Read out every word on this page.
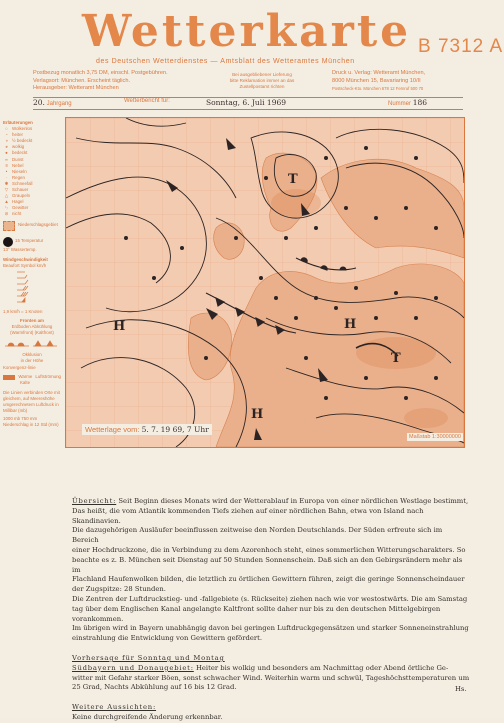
Wetterkarte B 7312 A
des Deutschen Wetterdienstes — Amtsblatt des Wetteramtes München
Postbezug monatlich 3,75 DM, einschl. Postgebühren.
Verlagsort: München. Erscheint täglich.
Herausgeber: Wetteramt München
Bei ausgebliebener Lieferung
bitte Reklamation immer an das
Zustellpostamt richten
Druck u. Verlag: Wetteramt München,
8000 München 15, Bavariaring 10/II
Postscheck-Kto. München 678 12 Fernruf 500 70
20. Jahrgang	Wetterbericht für:	Sonntag, 6. Juli 1969	Nummer 186
Erläuterungen
○ Wolkenlos
◔ heiter
◑ ½ bedeckt
◕ wolkig
● bedeckt
∞ Dunst
≡ Nebel
•	Nieseln
∙	Regen
✱ Schneefall
▽ Schauer
△ Graupeln
▲ Hagel
ㄣ Gewitter
⊘ nicht
Niederschlagsgebiet
15 Temperatur
13° Wassertemp.
Windgeschwindigkeit
Beaufort Symbol km/h
1,9 km/h = 1 Knoten
Fronten am
Erdboden Abkühlung
(Warmfront) (Kaltfront)
Okklusion
in der Höhe
Konvergenz-linie
Warme Luftströmung
Kalte
Die Linien verbinden Orte mit gleichem, auf Meereshöhe umgerechnetem Luftdruck in Millibar (mb)
1000 mb 750 mm
Niederschlag in 12 Std (mm)
H
T
H
H
T
Wetterlage vom: 5. 7. 19 69, 7 Uhr
Maßstab 1:30000000

Übersicht: Seit Beginn dieses Monats wird der Wetterablauf in Europa von einer nördlichen Westlage bestimmt,

Das heißt, die vom Atlantik kommenden Tiefs ziehen auf einer nördlichen Bahn, etwa von Island nach Skandinavien.

Die dazugehörigen Ausläufer beeinflussen zeitweise den Norden Deutschlands. Der Süden erfreute sich im Bereich

einer Hochdruckzone, die in Verbindung zu dem Azorenhoch steht, eines sommerlichen Witterungscharakters. So

beachte es z. B. München seit Dienstag auf 50 Stunden Sonnenschein. Daß sich an den Gebirgsrändern mehr als im

Flachland Haufenwolken bilden, die letztlich zu örtlichen Gewittern führen, zeigt die geringe Sonnenscheindauer

der Zugspitze: 28 Stunden.

Die Zentren der Luftdruckstieg- und -fallgebiete (s. Rückseite) ziehen nach wie vor westostwärts. Die am Samstag

tag über dem Englischen Kanal angelangte Kaltfront sollte daher nur bis zu den deutschen Mittelgebirgen vorankommen.

Im übrigen wird in Bayern unabhängig davon bei geringen Luftdruckgegensätzen und starker Sonneneinstrahlung

einstrahlung die Entwicklung von Gewittern gefördert.

Vorhersage für Sonntag und Montag

Südbayern und Donaugebiet: Heiter bis wolkig und besonders am Nachmittag oder Abend örtliche Ge-

witter mit Gefahr starker Böen, sonst schwacher Wind. Weiterhin warm und schwül, Tageshöchsttemperaturen um

25 Grad, Nachts Abkühlung auf 16 bis 12 Grad.

Weitere Aussichten:

Keine durchgreifende Änderung erkennbar.

Hs.
